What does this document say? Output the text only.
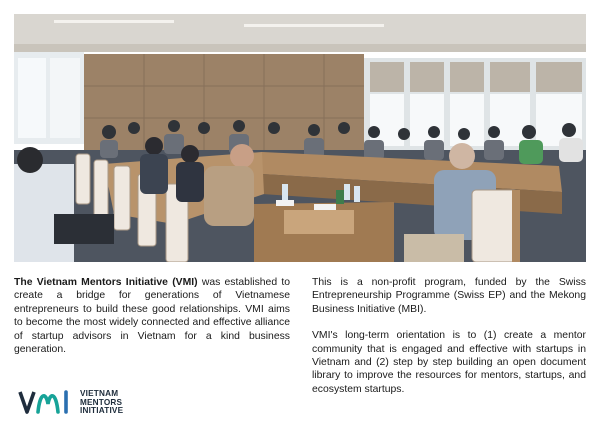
The Vietnam Mentors Initiative (VMI) was established to create a bridge for generations of Vietnamese entrepreneurs to build these good relationships. VMI aims to become the most widely connected and effective alliance of startup advisors in Vietnam for a kind business generation.

This is a non-profit program, funded by the Swiss Entrepreneurship Programme (Swiss EP) and the Mekong Business Initiative (MBI).

VMI's long-term orientation is to (1) create a mentor community that is engaged and effective with startups in Vietnam and (2) step by step building an open document library to improve the resources for mentors, startups, and ecosystem startups.

VIETNAM
MENTORS
INITIATIVE
